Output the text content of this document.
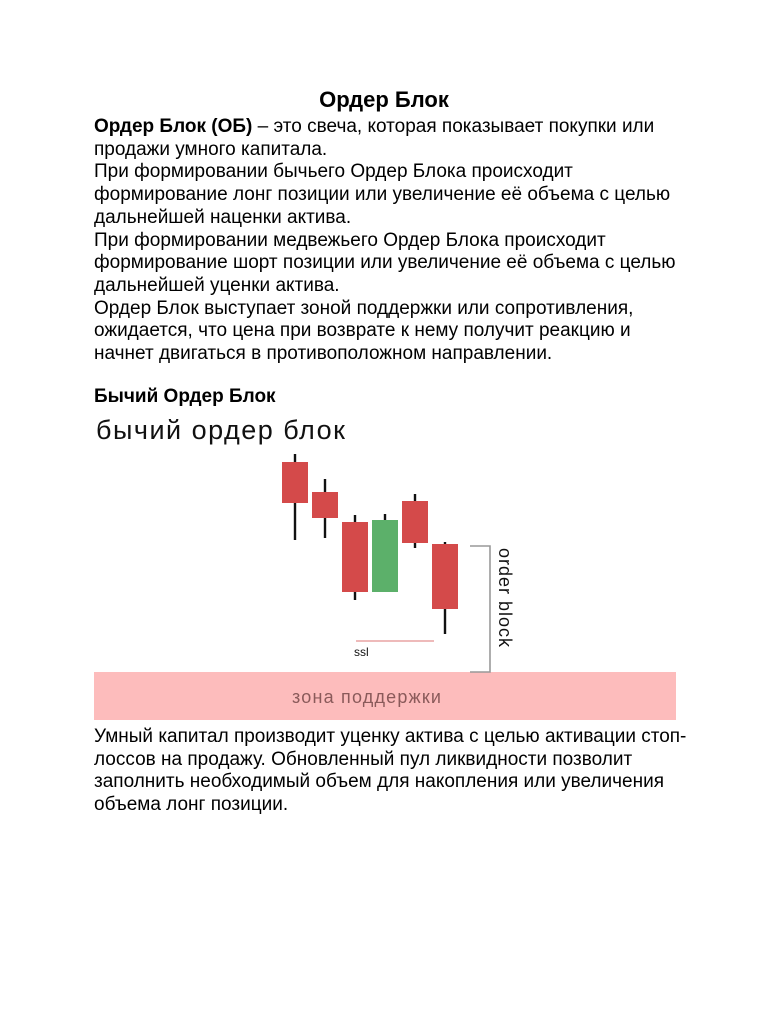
Ордер Блок

Ордер Блок (ОБ) – это свеча, которая показывает покупки или продажи умного капитала.

При формировании бычьего Ордер Блока происходит формирование лонг позиции или увеличение её объема с целью дальнейшей наценки актива.

При формировании медвежьего Ордер Блока происходит формирование шорт позиции или увеличение её объема с целью дальнейшей уценки актива.

Ордер Блок выступает зоной поддержки или сопротивления, ожидается, что цена при возврате к нему получит реакцию и начнет двигаться в противоположном направлении.

Бычий Ордер Блок
бычий ордер блок
зона поддержки
ssl
order block

Умный капитал производит уценку актива с целью активации стоп-лоссов на продажу. Обновленный пул ликвидности позволит заполнить необходимый объем для накопления или увеличения объема лонг позиции.
